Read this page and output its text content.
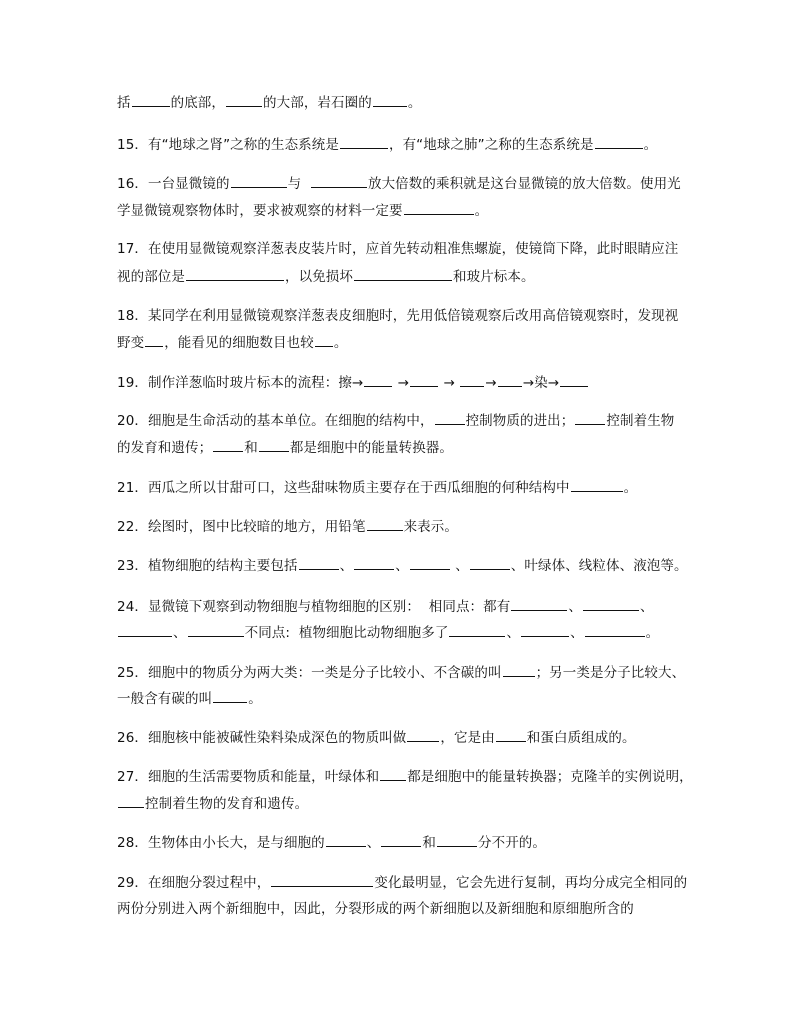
括	的底部，	的大部，岩石圈的	。
15．有“地球之肾”之称的生态系统是	，有“地球之肺”之称的生态系统是	。
16．一台显微镜的	与	放大倍数的乘积就是这台显微镜的放大倍数。使用光
学显微镜观察物体时，要求被观察的材料一定要	。
17．在使用显微镜观察洋葱表皮装片时，应首先转动粗准焦螺旋，使镜筒下降，此时眼睛应注
视的部位是	，以免损坏	和玻片标本。
18．某同学在利用显微镜观察洋葱表皮细胞时，先用低倍镜观察后改用高倍镜观察时，发现视
野变 ，能看见的细胞数目也较 。
19．制作洋葱临时玻片标本的流程：擦→ → → → →染→
20．细胞是生命活动的基本单位。在细胞的结构中， 控制物质的进出； 控制着生物
的发育和遗传； 和 都是细胞中的能量转换器。
21．西瓜之所以甘甜可口，这些甜味物质主要存在于西瓜细胞的何种结构中	。
22．绘图时，图中比较暗的地方，用铅笔	来表示。
23．植物细胞的结构主要包括	、	、	、	、叶绿体、线粒体、液泡等。
24．显微镜下观察到动物细胞与植物细胞的区别：  相同点：都有	、	、
、	不同点:  植物细胞比动物细胞多了	、	、	。
25．细胞中的物质分为两大类：一类是分子比较小、不含碳的叫	；另一类是分子比较大、
一般含有碳的叫	。
26．细胞核中能被碱性染料染成深色的物质叫做	，它是由 和蛋白质组成的。
27．细胞的生活需要物质和能量，叶绿体和 都是细胞中的能量转换器；克隆羊的实例说明，
控制着生物的发育和遗传。
28．生物体由小长大，是与细胞的	、	和	分不开的。
29．在细胞分裂过程中，	变化最明显，它会先进行复制，再均分成完全相同的
两份分别进入两个新细胞中，因此，分裂形成的两个新细胞以及新细胞和原细胞所含的
